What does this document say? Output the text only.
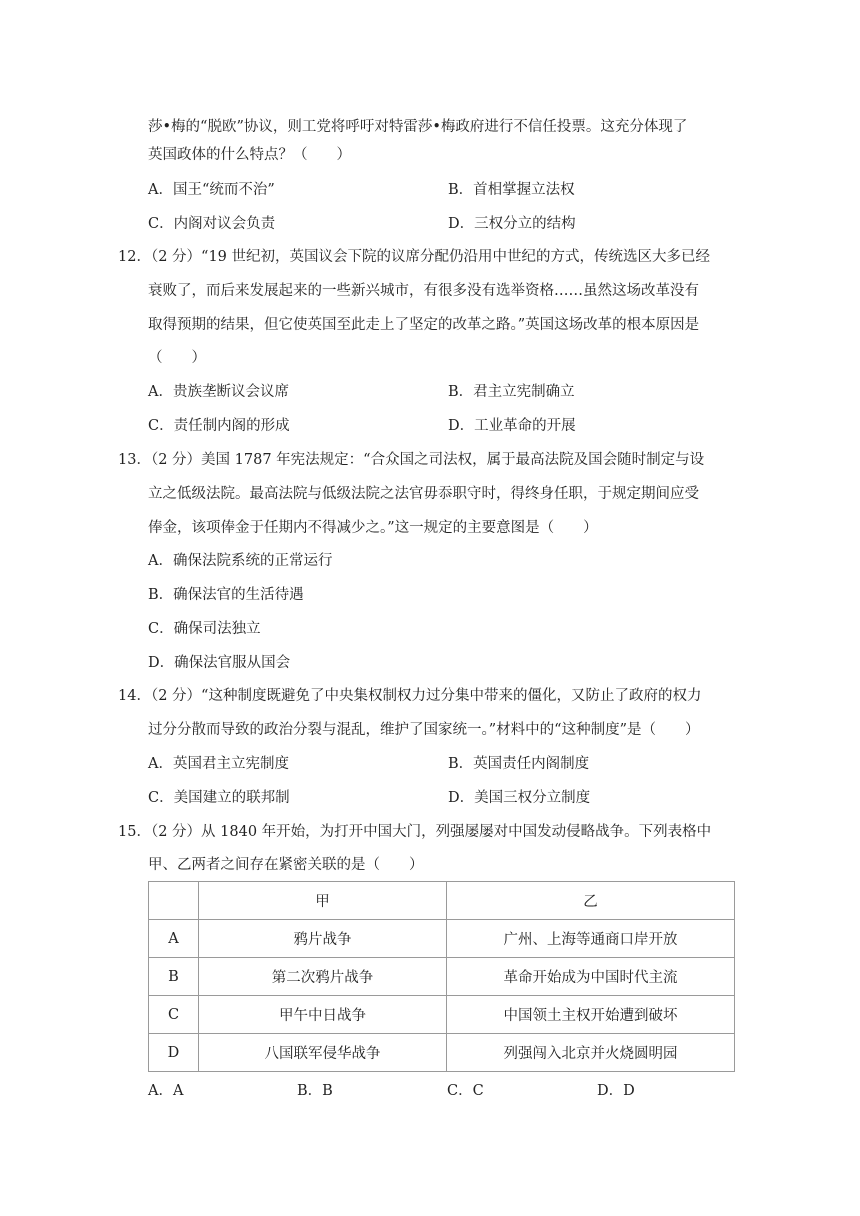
莎•梅的“脱欧”协议，则工党将呼吁对特雷莎•梅政府进行不信任投票。这充分体现了
英国政体的什么特点？（　　）
A．国王“统而不治”	B．首相掌握立法权
C．内阁对议会负责	D．三权分立的结构
12．（2 分）“19 世纪初，英国议会下院的议席分配仍沿用中世纪的方式，传统选区大多已经
衰败了，而后来发展起来的一些新兴城市，有很多没有选举资格……虽然这场改革没有
取得预期的结果，但它使英国至此走上了坚定的改革之路。”英国这场改革的根本原因是
（　　）
A．贵族垄断议会议席	B．君主立宪制确立
C．责任制内阁的形成	D．工业革命的开展
13．（2 分）美国 1787 年宪法规定：“合众国之司法权，属于最高法院及国会随时制定与设
立之低级法院。最高法院与低级法院之法官毋忝职守时，得终身任职，于规定期间应受
俸金，该项俸金于任期内不得减少之。”这一规定的主要意图是（　　）
A．确保法院系统的正常运行
B．确保法官的生活待遇
C．确保司法独立
D．确保法官服从国会
14．（2 分）“这种制度既避免了中央集权制权力过分集中带来的僵化，又防止了政府的权力
过分分散而导致的政治分裂与混乱，维护了国家统一。”材料中的“这种制度”是（　　）
A．英国君主立宪制度	B．英国责任内阁制度
C．美国建立的联邦制	D．美国三权分立制度
15．（2 分）从 1840 年开始，为打开中国大门，列强屡屡对中国发动侵略战争。下列表格中
甲、乙两者之间存在紧密关联的是（　　）
	甲	乙
A	鸦片战争	广州、上海等通商口岸开放
B	第二次鸦片战争	革命开始成为中国时代主流
C	甲午中日战争	中国领土主权开始遭到破坏
D	八国联军侵华战争	列强闯入北京并火烧圆明园
A．A	B．B	C．C	D．D
